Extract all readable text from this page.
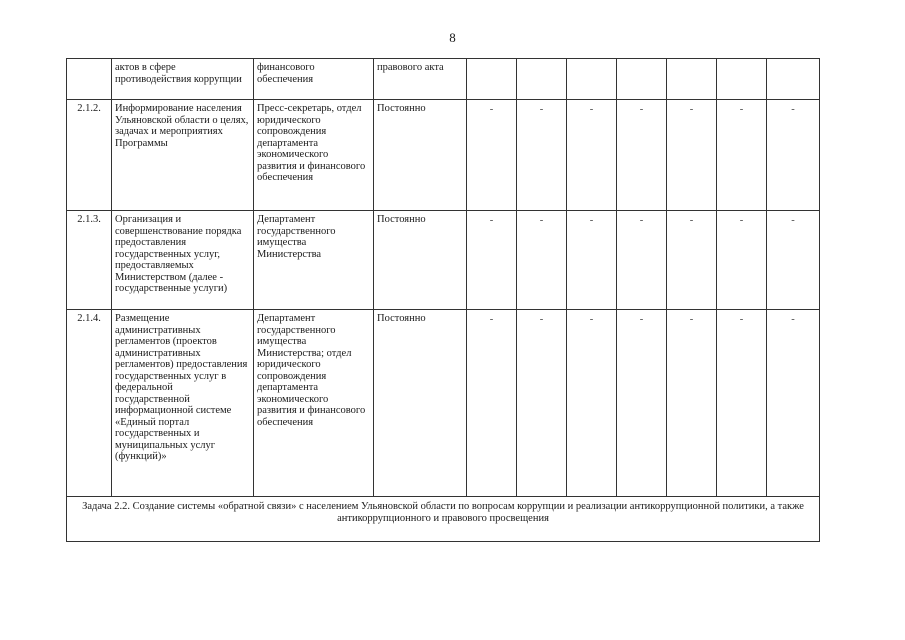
8
	актов в сфере противодействия коррупции	финансового обеспечения	правового акта							
2.1.2.	Информирование населения Ульяновской области о целях, задачах и мероприятиях Программы	Пресс-секретарь, отдел юридического сопровождения департамента экономического развития и финансового обеспечения	Постоянно	-	-	-	-	-	-	-
2.1.3.	Организация и совершенствование порядка предоставления государственных услуг, предоставляемых Министерством (далее - государственные услуги)	Департамент государственного имущества Министерства	Постоянно	-	-	-	-	-	-	-
2.1.4.	Размещение административных регламентов (проектов административных регламентов) предоставления государственных услуг в федеральной государственной информационной системе «Единый портал государственных и муниципальных услуг (функций)»	Департамент государственного имущества Министерства; отдел юридического сопровождения департамента экономического развития и финансового обеспечения	Постоянно	-	-	-	-	-	-	-
Задача 2.2. Создание системы «обратной связи» с населением Ульяновской области по вопросам коррупции и реализации антикоррупционной политики, а также антикоррупционного и правового просвещения										
